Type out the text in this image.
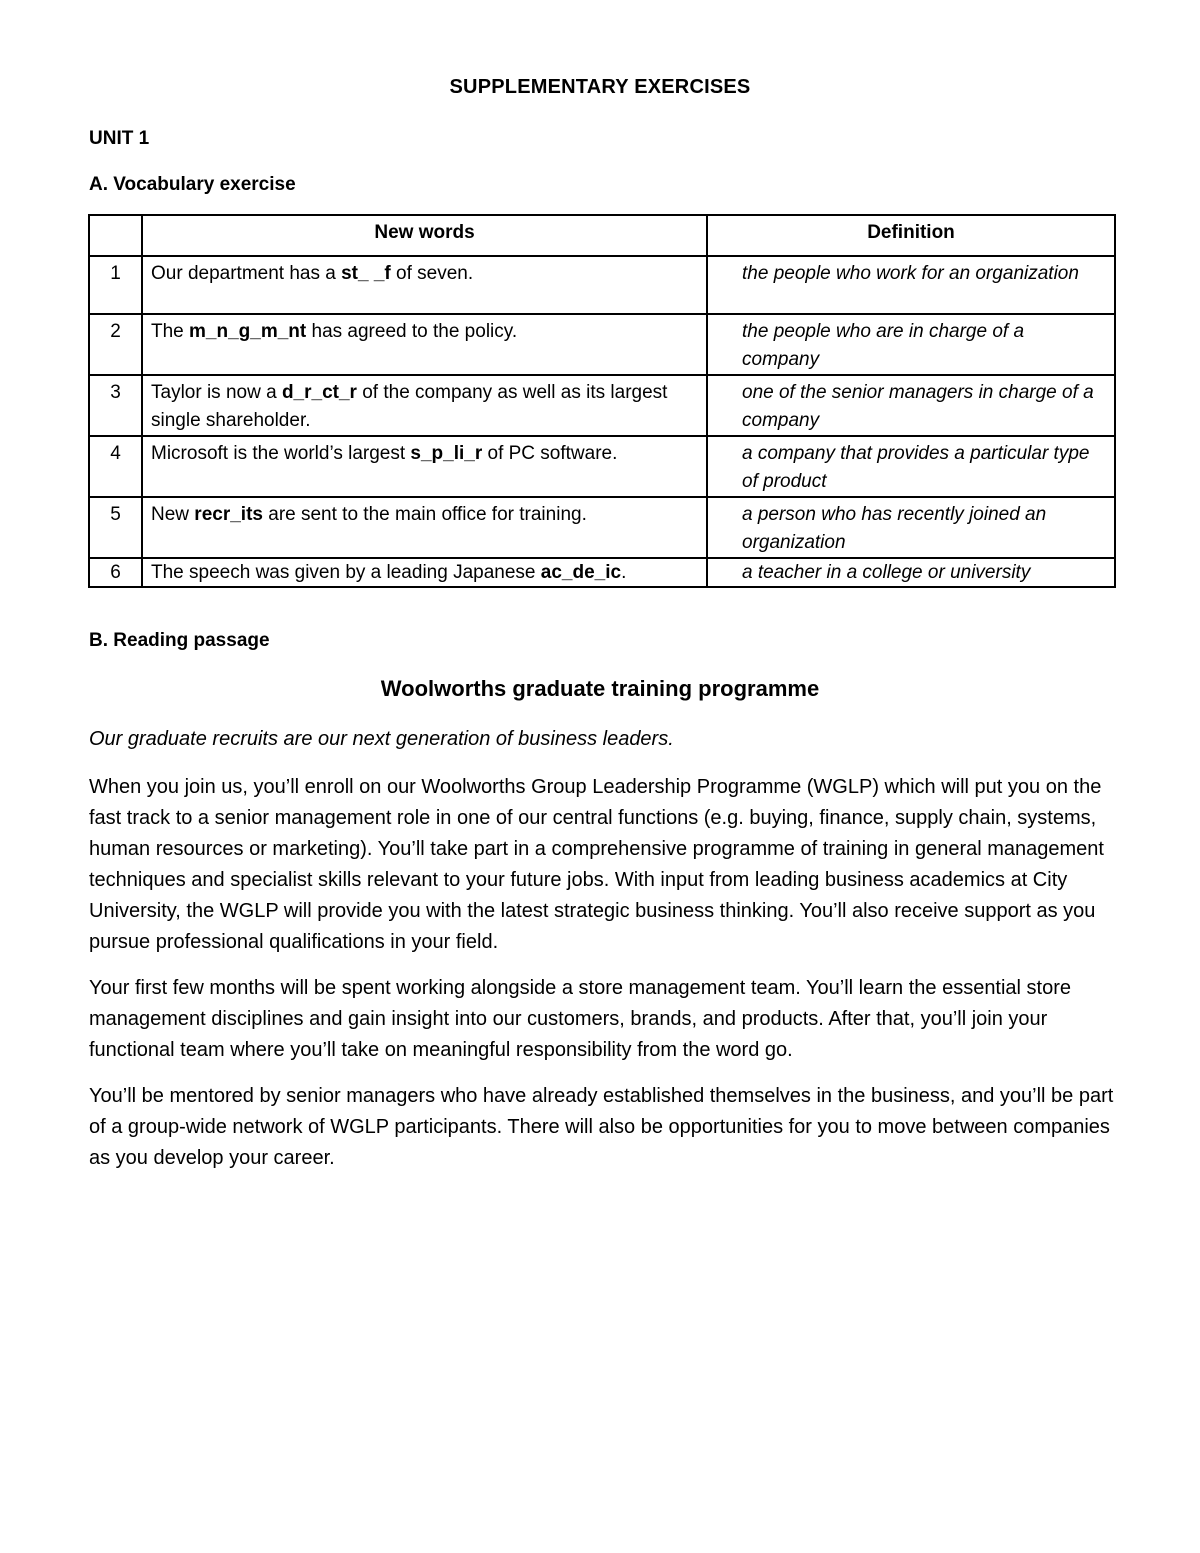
SUPPLEMENTARY EXERCISES
UNIT 1
A. Vocabulary exercise
	New words	Definition
1	Our department has a st_ _f of seven.	the people who work for an organization
2	The m_n_g_m_nt has agreed to the policy.	the people who are in charge of a company
3	Taylor is now a d_r_ct_r of the company as well as its largest single shareholder.	one of the senior managers in charge of a company
4	Microsoft is the world’s largest s_p_li_r of PC software.	a company that provides a particular type of product
5	New recr_its are sent to the main office for training.	a person who has recently joined an organization
6	The speech was given by a leading Japanese ac_de_ic.	a teacher in a college or university
B. Reading passage
Woolworths graduate training programme
Our graduate recruits are our next generation of business leaders.

When you join us, you’ll enroll on our Woolworths Group Leadership Programme (WGLP) which will put you on the fast track to a senior management role in one of our central functions (e.g. buying, finance, supply chain, systems, human resources or marketing). You’ll take part in a comprehensive programme of training in general management techniques and specialist skills relevant to your future jobs. With input from leading business academics at City University, the WGLP will provide you with the latest strategic business thinking. You’ll also receive support as you pursue professional qualifications in your field.

Your first few months will be spent working alongside a store management team. You’ll learn the essential store management disciplines and gain insight into our customers, brands, and products. After that, you’ll join your functional team where you’ll take on meaningful responsibility from the word go.

You’ll be mentored by senior managers who have already established themselves in the business, and you’ll be part of a group-wide network of WGLP participants. There will also be opportunities for you to move between companies as you develop your career.
